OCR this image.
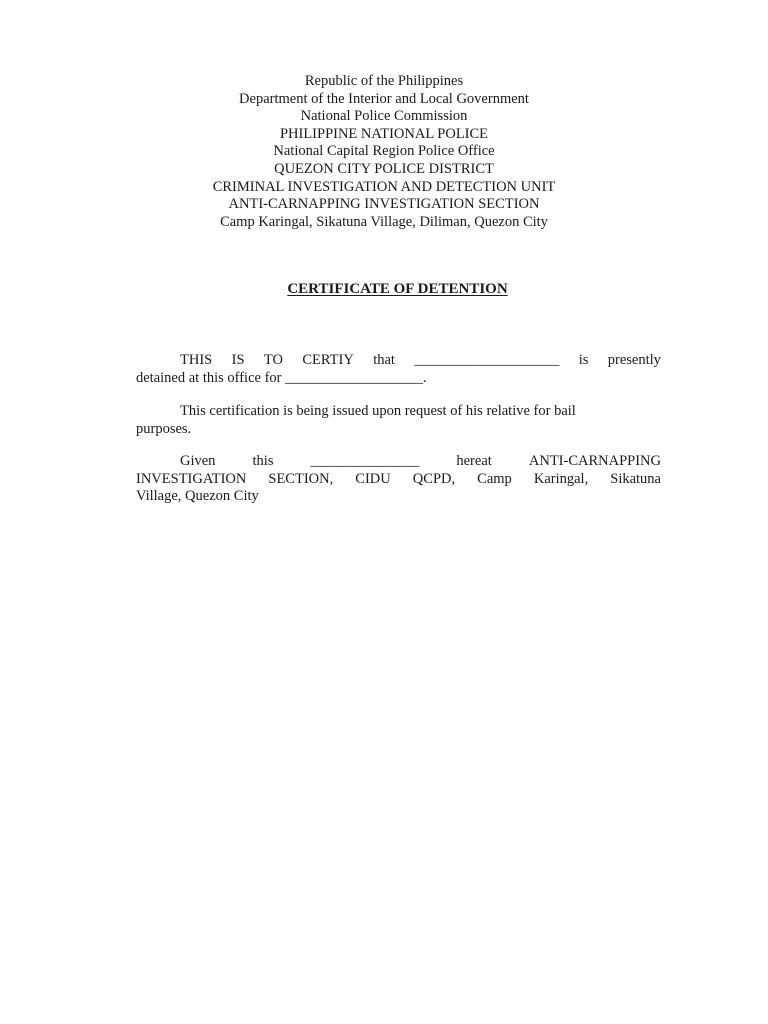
Republic of the Philippines
Department of the Interior and Local Government
National Police Commission
PHILIPPINE NATIONAL POLICE
National Capital Region Police Office
QUEZON CITY POLICE DISTRICT
CRIMINAL INVESTIGATION AND DETECTION UNIT
ANTI-CARNAPPING INVESTIGATION SECTION
Camp Karingal, Sikatuna Village, Diliman, Quezon City
CERTIFICATE OF DETENTION
THIS IS TO CERTIY that ____________________ is presently
detained at this office for ___________________.
This certification is being issued upon request of his relative for bail
purposes.
Given	this	_______________	hereat	ANTI-CARNAPPING
INVESTIGATION SECTION, CIDU QCPD, Camp Karingal, Sikatuna
Village, Quezon City
